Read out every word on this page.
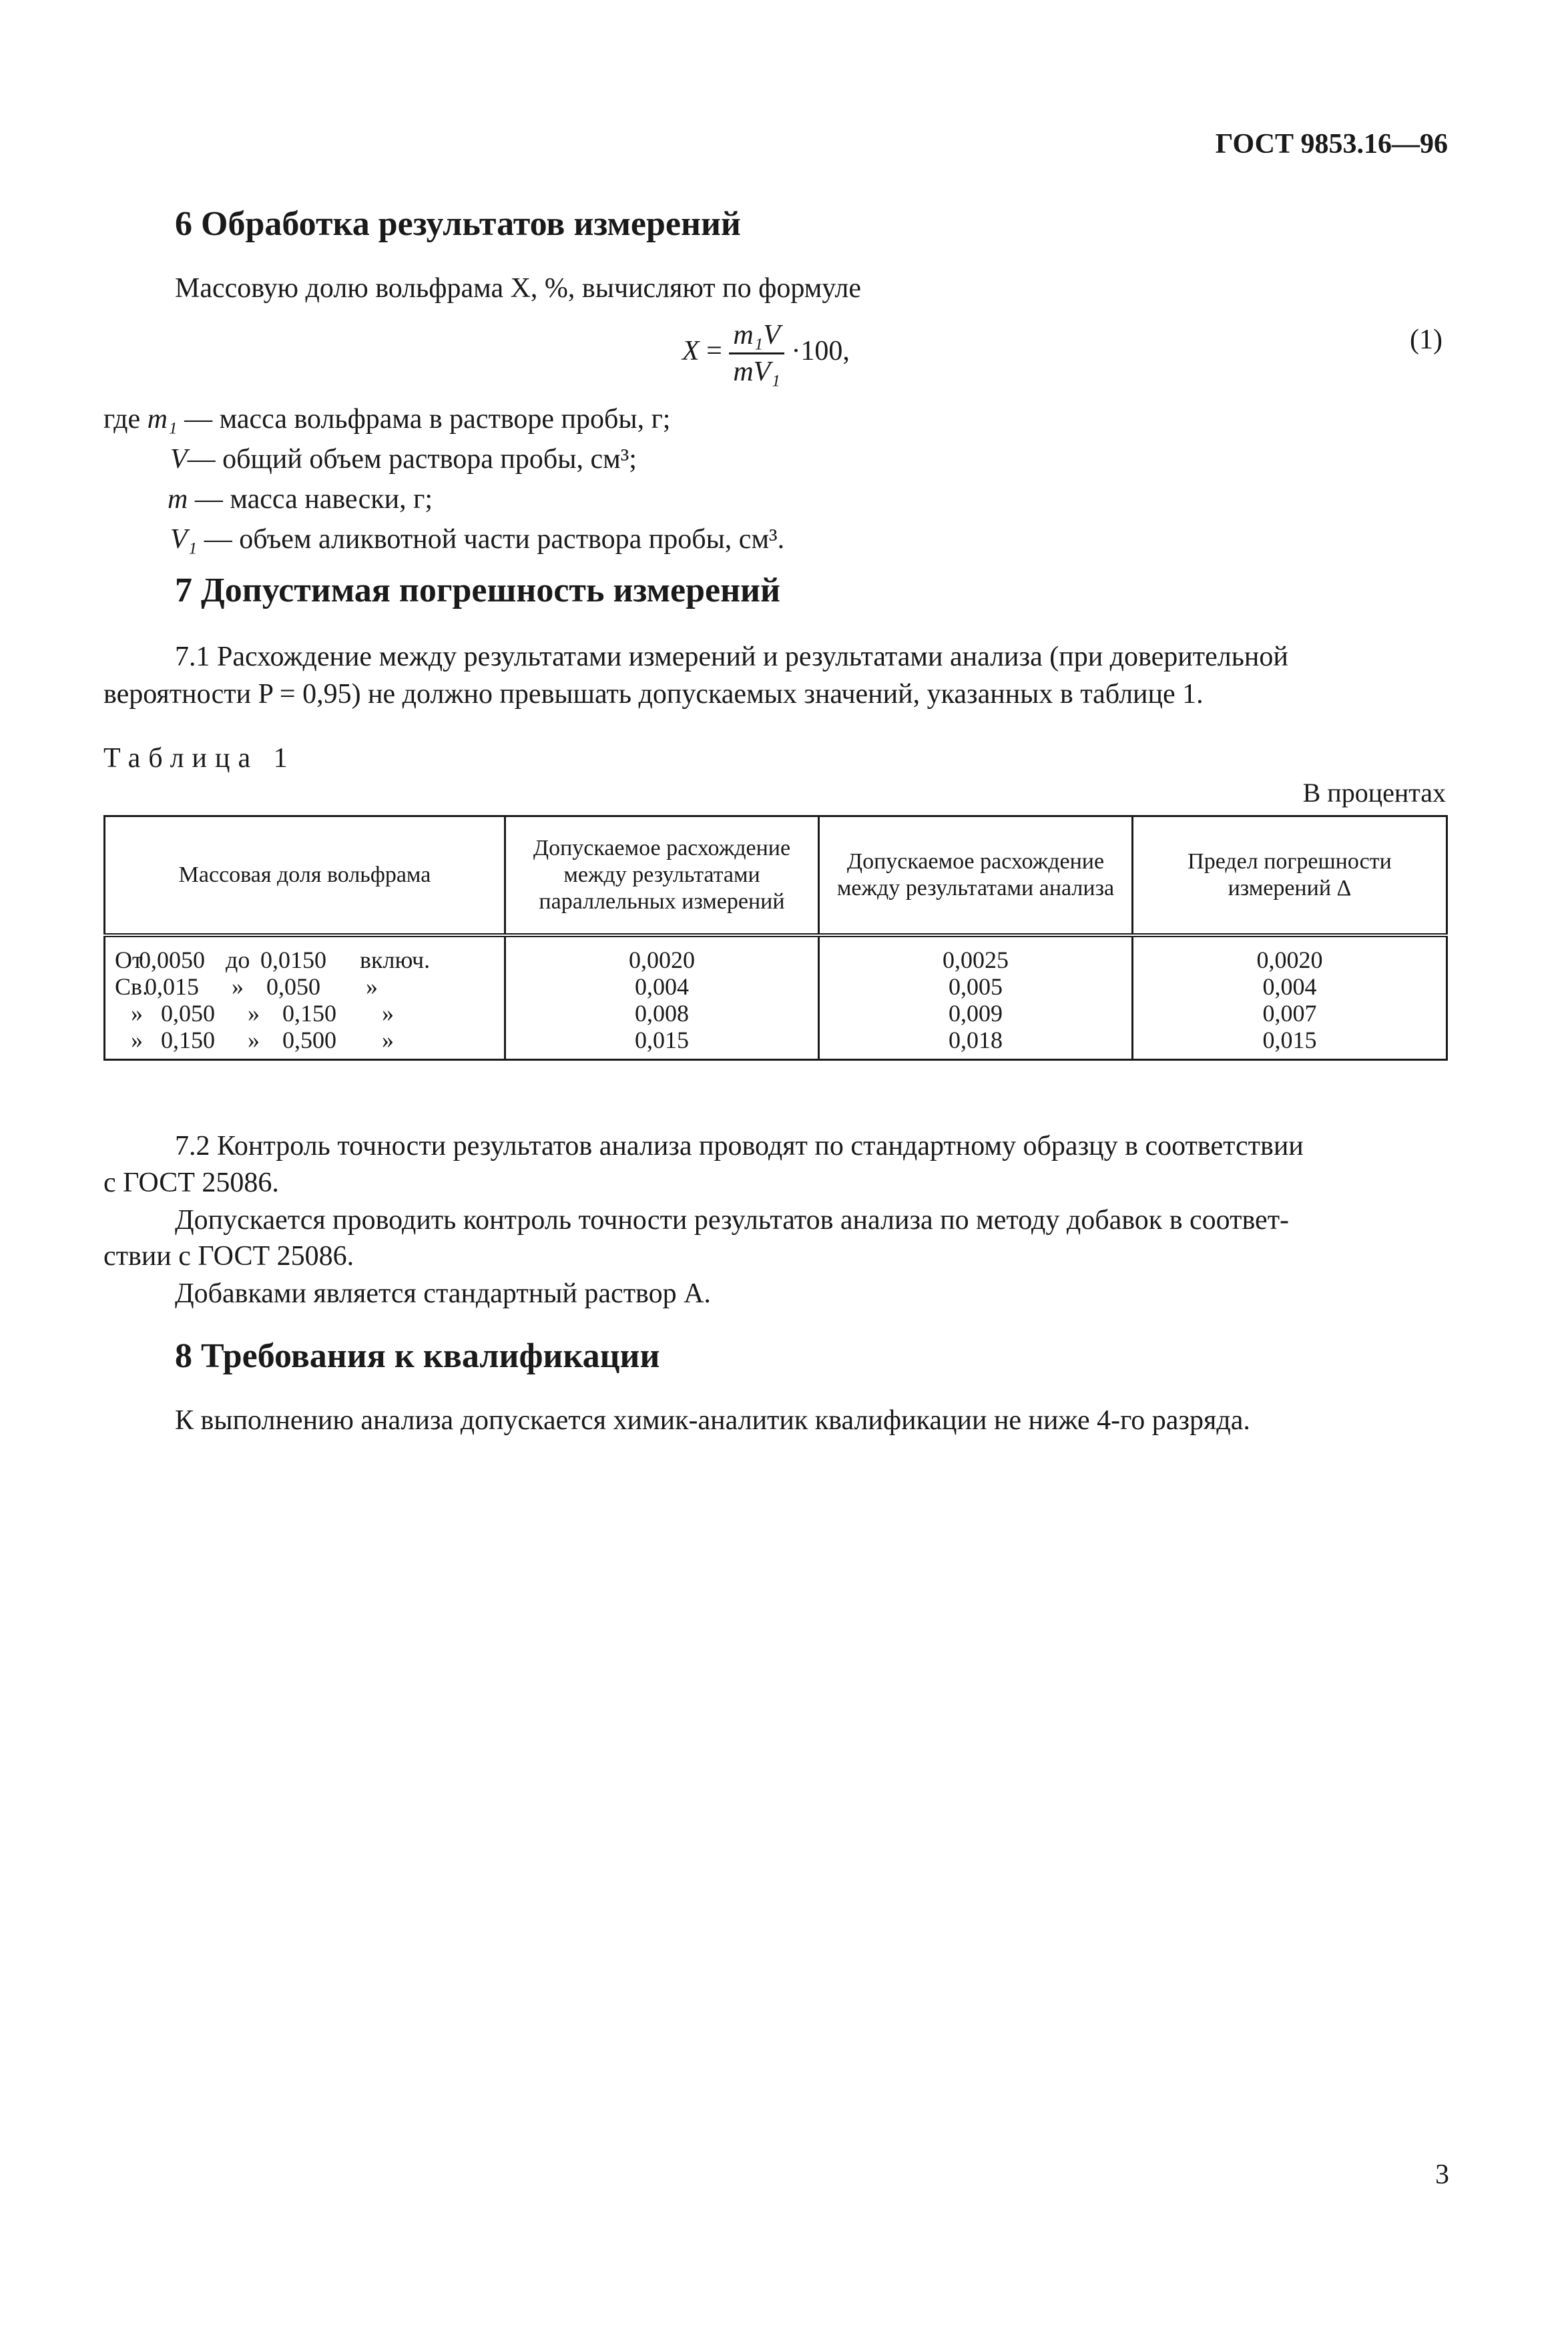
ГОСТ 9853.16—96
6 Обработка результатов измерений
Массовую долю вольфрама X, %, вычисляют по формуле
$X = \frac{\text{m₁V}}{\text{mV₁}} \cdot 100$,	(1)
где m₁ — масса вольфрама в растворе пробы, г;
V— общий объем раствора пробы, см³;
m — масса навески, г;
V₁ — объем аликвотной части раствора пробы, см³.
7 Допустимая погрешность измерений
7.1 Расхождение между результатами измерений и результатами анализа (при доверительной
вероятности P = 0,95) не должно превышать допускаемых значений, указанных в таблице 1.
Таблица 1
В процентах
Массовая доля вольфрама	Допускаемое расхождение между результатами параллельных измерений	Допускаемое расхождение между результатами анализа	Предел погрешности измерений Δ
От0,0050 до 0,0150 включ.	0,0020	0,0025	0,0020
Св. 0,015 » 0,050 »	0,004	0,005	0,004
» 0,050 » 0,150 »	0,008	0,009	0,007
» 0,150 » 0,500 »	0,015	0,018	0,015
7.2 Контроль точности результатов анализа проводят по стандартному образцу в соответствии
с ГОСТ 25086.
Допускается проводить контроль точности результатов анализа по методу добавок в соответ-
ствии с ГОСТ 25086.
Добавками является стандартный раствор А.
8 Требования к квалификации
К выполнению анализа допускается химик-аналитик квалификации не ниже 4-го разряда.
3
